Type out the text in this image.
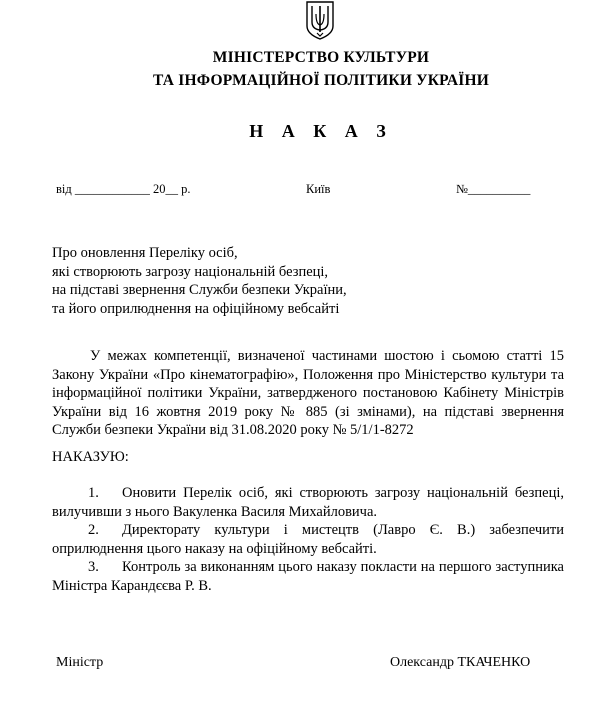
МІНІСТЕРСТВО КУЛЬТУРИ
ТА ІНФОРМАЦІЙНОЇ ПОЛІТИКИ УКРАЇНИ
Н А К А З
від ____________ 20__ р.	Київ	№__________
Про оновлення Переліку осіб,
які створюють загрозу національній безпеці,
на підставі звернення Служби безпеки України,
та його оприлюднення на офіційному вебсайті
У межах компетенції, визначеної частинами шостою і сьомою статті 15 Закону України «Про кінематографію», Положення про Міністерство культури та інформаційної політики України, затвердженого постановою Кабінету Міністрів України від 16 жовтня 2019 року № 885 (зі змінами), на підставі звернення Служби безпеки України від 31.08.2020 року № 5/1/1-8272
НАКАЗУЮ:

1. Оновити Перелік осіб, які створюють загрозу національній безпеці, вилучивши з нього Вакуленка Василя Михайловича.

2. Директорату культури і мистецтв (Лавро Є. В.) забезпечити оприлюднення цього наказу на офіційному вебсайті.

3. Контроль за виконанням цього наказу покласти на першого заступника Міністра Карандєєва Р. В.

Міністр	Олександр ТКАЧЕНКО
